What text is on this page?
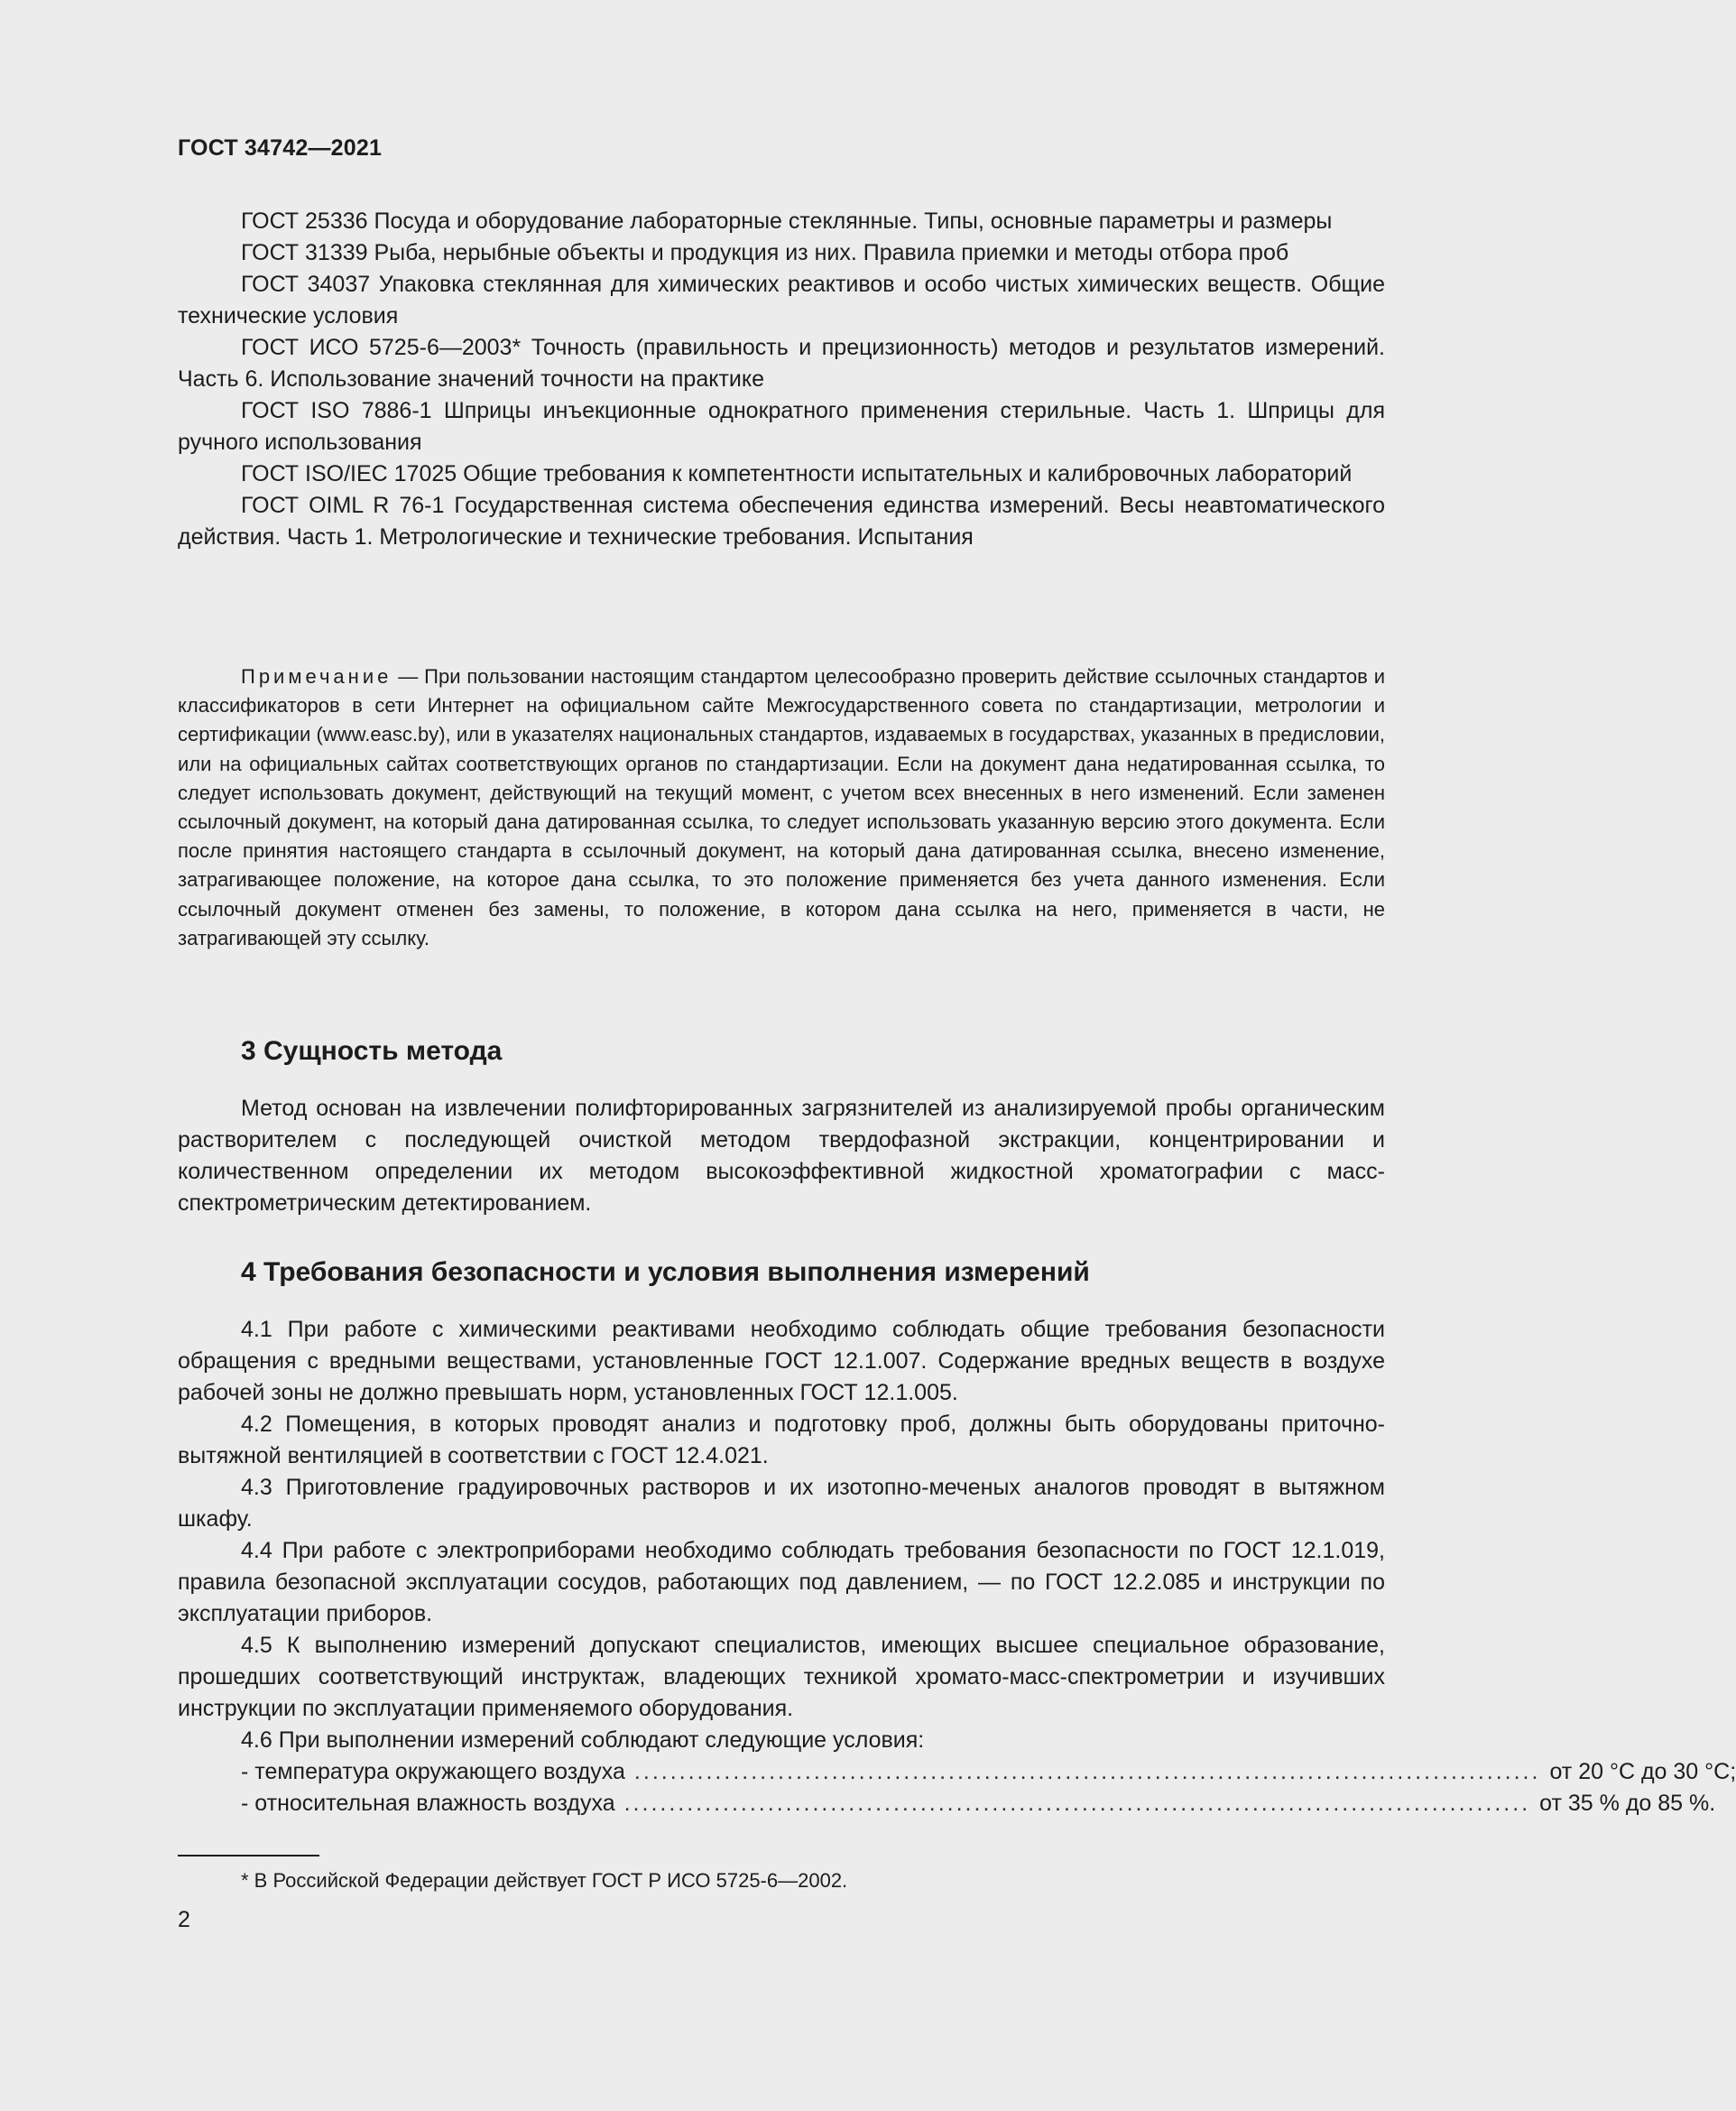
ГОСТ 34742—2021

ГОСТ 25336 Посуда и оборудование лабораторные стеклянные. Типы, основные параметры и размеры

ГОСТ 31339 Рыба, нерыбные объекты и продукция из них. Правила приемки и методы отбора проб

ГОСТ 34037 Упаковка стеклянная для химических реактивов и особо чистых химических веществ. Общие технические условия

ГОСТ ИСО 5725-6—2003* Точность (правильность и прецизионность) методов и результатов измерений. Часть 6. Использование значений точности на практике

ГОСТ ISO 7886-1 Шприцы инъекционные однократного применения стерильные. Часть 1. Шприцы для ручного использования

ГОСТ ISO/IEC 17025 Общие требования к компетентности испытательных и калибровочных лабораторий

ГОСТ OIML R 76-1 Государственная система обеспечения единства измерений. Весы неавтоматического действия. Часть 1. Метрологические и технические требования. Испытания

Примечание — При пользовании настоящим стандартом целесообразно проверить действие ссылочных стандартов и классификаторов в сети Интернет на официальном сайте Межгосударственного совета по стандартизации, метрологии и сертификации (www.easc.by), или в указателях национальных стандартов, издаваемых в государствах, указанных в предисловии, или на официальных сайтах соответствующих органов по стандартизации. Если на документ дана недатированная ссылка, то следует использовать документ, действующий на текущий момент, с учетом всех внесенных в него изменений. Если заменен ссылочный документ, на который дана датированная ссылка, то следует использовать указанную версию этого документа. Если после принятия настоящего стандарта в ссылочный документ, на который дана датированная ссылка, внесено изменение, затрагивающее положение, на которое дана ссылка, то это положение применяется без учета данного изменения. Если ссылочный документ отменен без замены, то положение, в котором дана ссылка на него, применяется в части, не затрагивающей эту ссылку.

3 Сущность метода

Метод основан на извлечении полифторированных загрязнителей из анализируемой пробы органическим растворителем с последующей очисткой методом твердофазной экстракции, концентрировании и количественном определении их методом высокоэффективной жидкостной хроматографии с масс-спектрометрическим детектированием.

4 Требования безопасности и условия выполнения измерений

4.1 При работе с химическими реактивами необходимо соблюдать общие требования безопасности обращения с вредными веществами, установленные ГОСТ 12.1.007. Содержание вредных веществ в воздухе рабочей зоны не должно превышать норм, установленных ГОСТ 12.1.005.

4.2 Помещения, в которых проводят анализ и подготовку проб, должны быть оборудованы приточно-вытяжной вентиляцией в соответствии с ГОСТ 12.4.021.

4.3 Приготовление градуировочных растворов и их изотопно-меченых аналогов проводят в вытяжном шкафу.

4.4 При работе с электроприборами необходимо соблюдать требования безопасности по ГОСТ 12.1.019, правила безопасной эксплуатации сосудов, работающих под давлением, — по ГОСТ 12.2.085 и инструкции по эксплуатации приборов.

4.5 К выполнению измерений допускают специалистов, имеющих высшее специальное образование, прошедших соответствующий инструктаж, владеющих техникой хромато-масс-спектрометрии и изучивших инструкции по эксплуатации применяемого оборудования.

4.6 При выполнении измерений соблюдают следующие условия:

- температура окружающего воздуха ..................................................................................................... от 20 °С до 30 °С;
- относительная влажность воздуха ..................................................................................................... от 35 % до 85 %.

* В Российской Федерации действует ГОСТ Р ИСО 5725-6—2002.

2
